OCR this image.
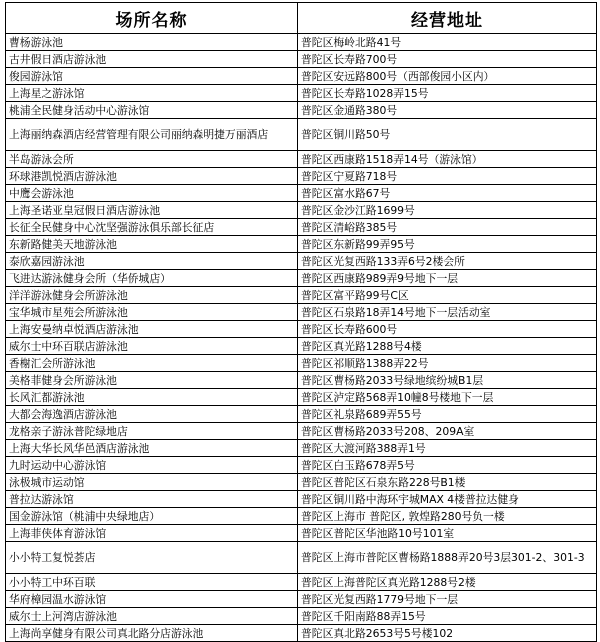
场所名称	经营地址
曹杨游泳池	普陀区梅岭北路41号
古井假日酒店游泳池	普陀区长寿路700号
俊园游泳馆	普陀区安远路800号（西部俊园小区内）
上海星之游泳馆	普陀区长寿路1028弄15号
桃浦全民健身活动中心游泳馆	普陀区金通路380号
上海丽纳森酒店经营管理有限公司丽纳森明捷万丽酒店	普陀区铜川路50号
半岛游泳会所	普陀区西康路1518弄14号（游泳馆）
环球港凯悦酒店游泳池	普陀区宁夏路718号
中鹰会游泳池	普陀区富水路67号
上海圣诺亚皇冠假日酒店游泳池	普陀区金沙江路1699号
长征全民健身中心沈坚强游泳俱乐部长征店	普陀区清峪路385号
东新路健美天地游泳池	普陀区东新路99弄95号
泰欣嘉园游泳池	普陀区光复西路133弄6号2楼会所
飞进达游泳健身会所（华侨城店）	普陀区西康路989弄9号地下一层
洋洋游泳健身会所游泳池	普陀区富平路99号C区
宝华城市星苑会所游泳池	普陀区石泉路18弄14号地下一层活动室
上海安曼纳卓悦酒店游泳池	普陀区长寿路600号
威尔士中环百联店游泳池	普陀区真光路1288号4楼
香榭汇会所游泳池	普陀区祁顺路1388弄22号
美格菲健身会所游泳池	普陀区曹杨路2033号绿地缤纷城B1层
长风汇都游泳池	普陀区泸定路568弄10幢8号楼地下一层
大都会海逸酒店游泳池	普陀区礼泉路689弄55号
龙格亲子游泳普陀绿地店	普陀区曹杨路2033号208、209A室
上海大华长风华邑酒店游泳池	普陀区大渡河路388弄1号
九时运动中心游泳馆	普陀区白玉路678弄5号
泳极城市运动馆	普陀区普陀区石泉东路228号B1楼
普拉达游泳馆	普陀区铜川路中海环宇城MAX 4楼普拉达健身
国金游泳馆（桃浦中央绿地店）	普陀区上海市 普陀区, 敦煌路280号负一楼
上海菲侠体育游泳馆	普陀区普陀区华池路10号101室
小小特工复悦荟店	普陀区上海市普陀区曹杨路1888弄20号3层301-2、301-3
小小特工中环百联	普陀区上海普陀区真光路1288号2楼
华府樟园温水游泳馆	普陀区光复西路1779号地下一层
威尔士上河湾店游泳池	普陀区千阳南路88弄15号
上海尚享健身有限公司真北路分店游泳池	普陀区真北路2653号5号楼102
